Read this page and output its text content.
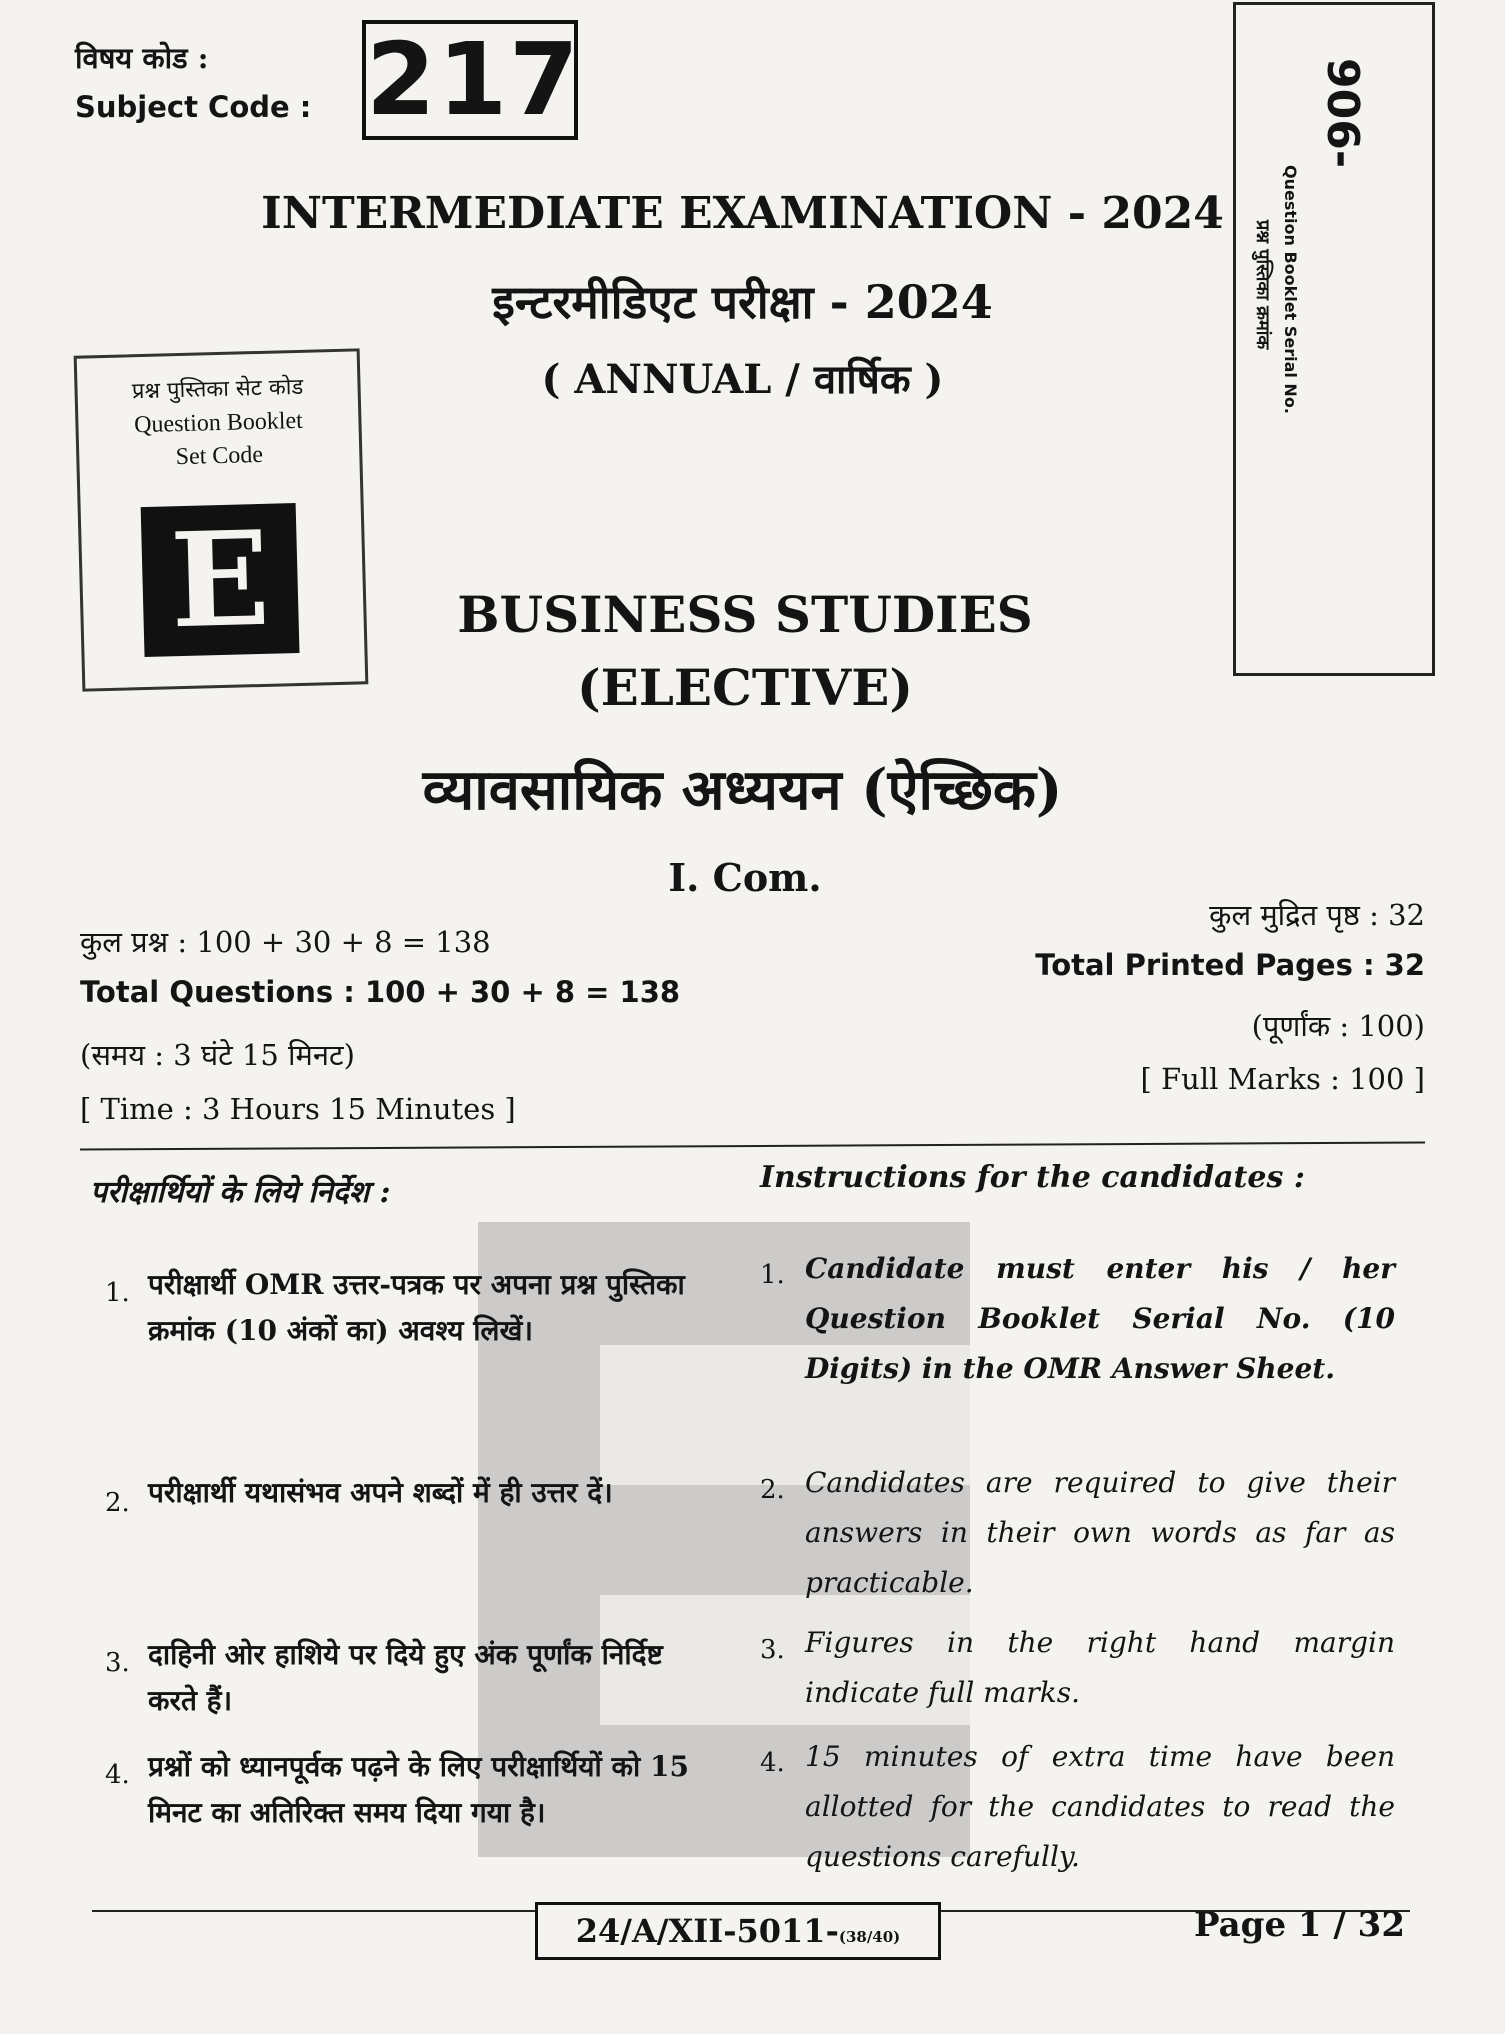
विषय कोड :
Subject Code : 217	906-
Question Booklet Serial No.
प्रश्न पुस्तिका क्रमांक
INTERMEDIATE EXAMINATION - 2024
इन्टरमीडिएट परीक्षा - 2024
( ANNUAL / वार्षिक )
प्रश्न पुस्तिका सेट कोड
Question Booklet
Set Code
E	BUSINESS STUDIES
(ELECTIVE)
व्यावसायिक अध्ययन (ऐच्छिक)
I. Com.
कुल प्रश्न : 100 + 30 + 8 = 138
Total Questions : 100 + 30 + 8 = 138
(समय : 3 घंटे 15 मिनट)
[ Time : 3 Hours 15 Minutes ]
कुल मुद्रित पृष्ठ : 32
Total Printed Pages : 32
(पूर्णांक : 100)
[ Full Marks : 100 ]
परीक्षार्थियों के लिये निर्देश :	Instructions for the candidates :
1. परीक्षार्थी OMR उत्तर-पत्रक पर अपना प्रश्न पुस्तिका क्रमांक (10 अंकों का) अवश्य लिखें।
1. Candidate must enter his / her Question Booklet Serial No. (10 Digits) in the OMR Answer Sheet.
2. परीक्षार्थी यथासंभव अपने शब्दों में ही उत्तर दें।	2. Candidates are required to give their answers in their own words as far as practicable.
3. दाहिनी ओर हाशिये पर दिये हुए अंक पूर्णांक निर्दिष्ट करते हैं।
3. Figures in the right hand margin indicate full marks.
4. प्रश्नों को ध्यानपूर्वक पढ़ने के लिए परीक्षार्थियों को 15 मिनट का अतिरिक्त समय दिया गया है।
4. 15 minutes of extra time have been allotted for the candidates to read the questions carefully.
24/A/XII-5011-(38/40)	Page 1 / 32
